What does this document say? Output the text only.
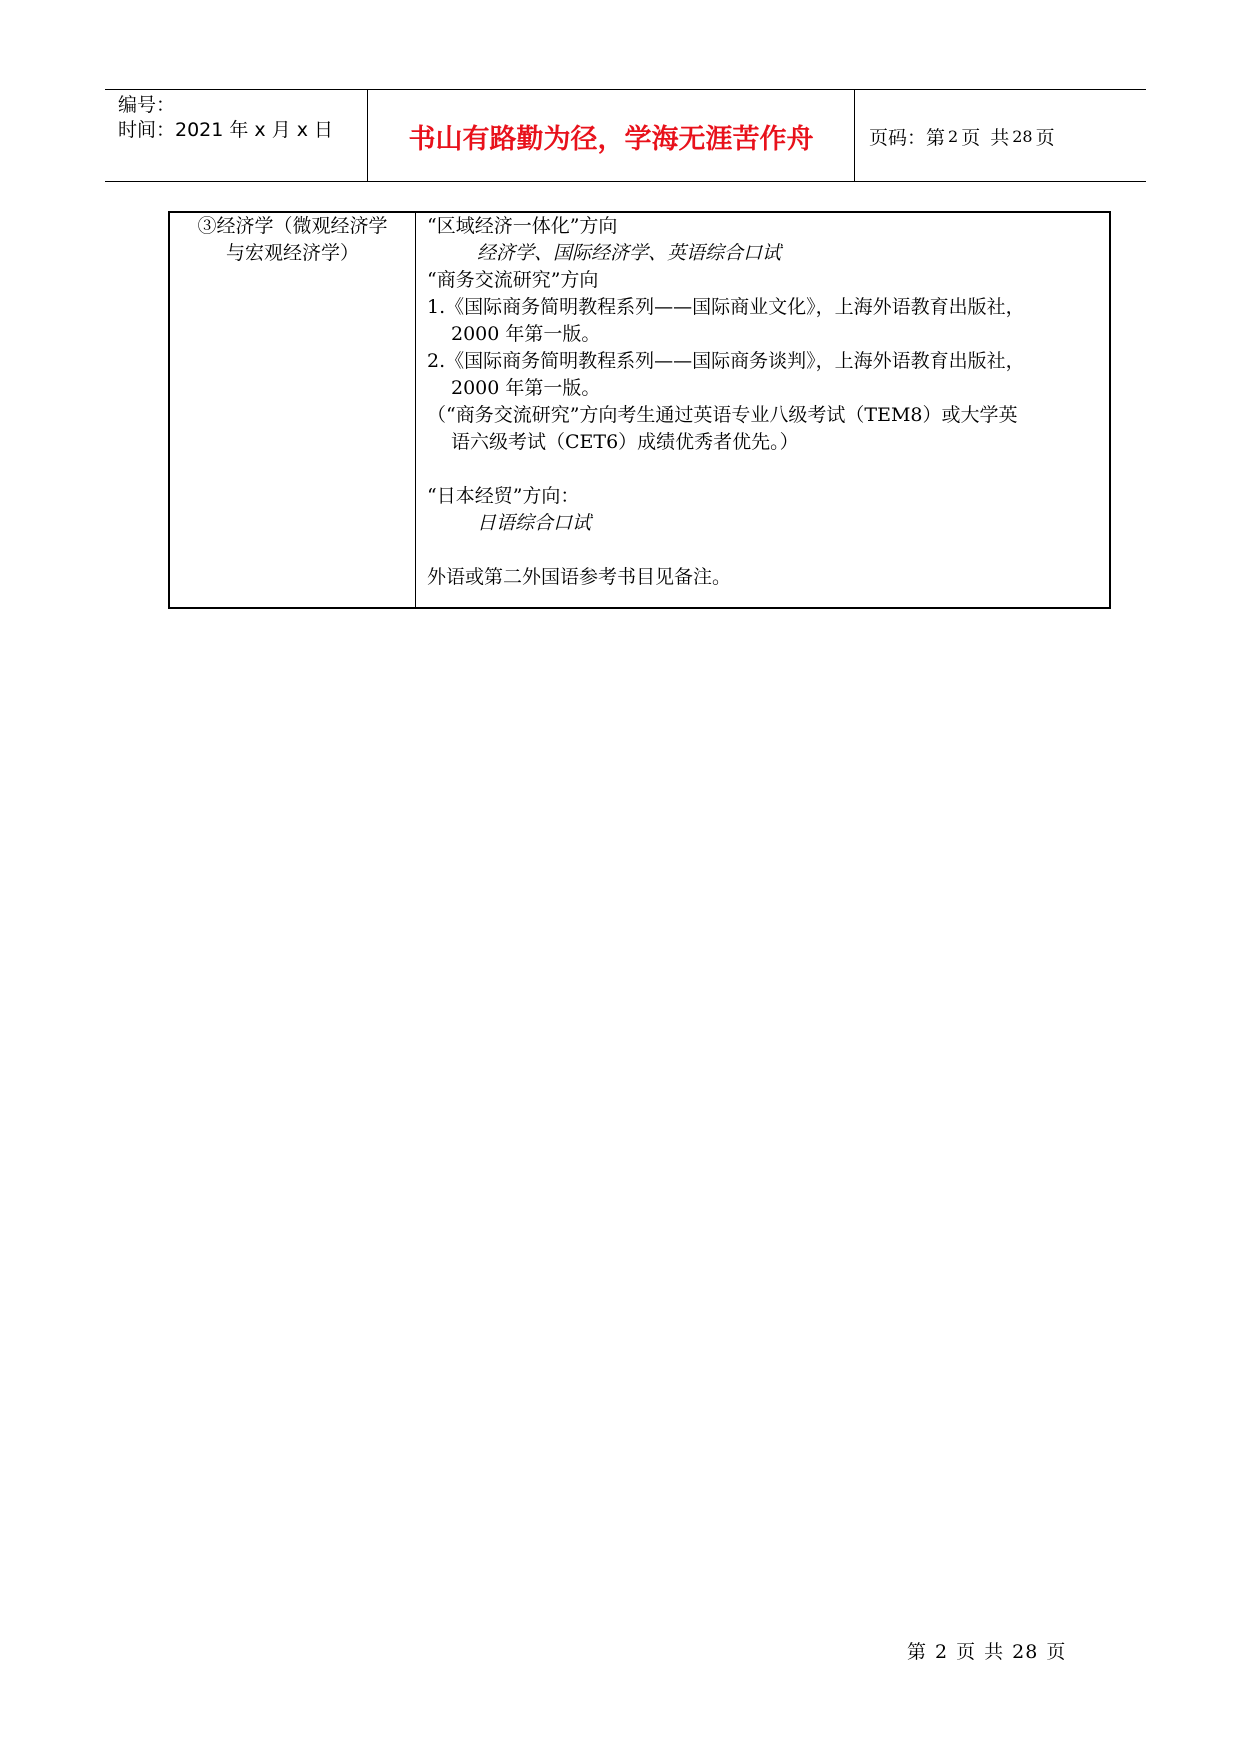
编号：
时间：2021 年 x 月 x 日	书山有路勤为径，学海无涯苦作舟	页码：第 2 页 共 28 页
③经济学（微观经济学
与宏观经济学）
“区域经济一体化”方向
经济学、国际经济学、英语综合口试
“商务交流研究”方向
1.《国际商务简明教程系列——国际商业文化》，上海外语教育出版社，
2000 年第一版。
2.《国际商务简明教程系列——国际商务谈判》，上海外语教育出版社，
2000 年第一版。
（“商务交流研究”方向考生通过英语专业八级考试（TEM8）或大学英
语六级考试（CET6）成绩优秀者优先。）
“日本经贸”方向：
日语综合口试
外语或第二外国语参考书目见备注。
第 2 页 共 28 页
